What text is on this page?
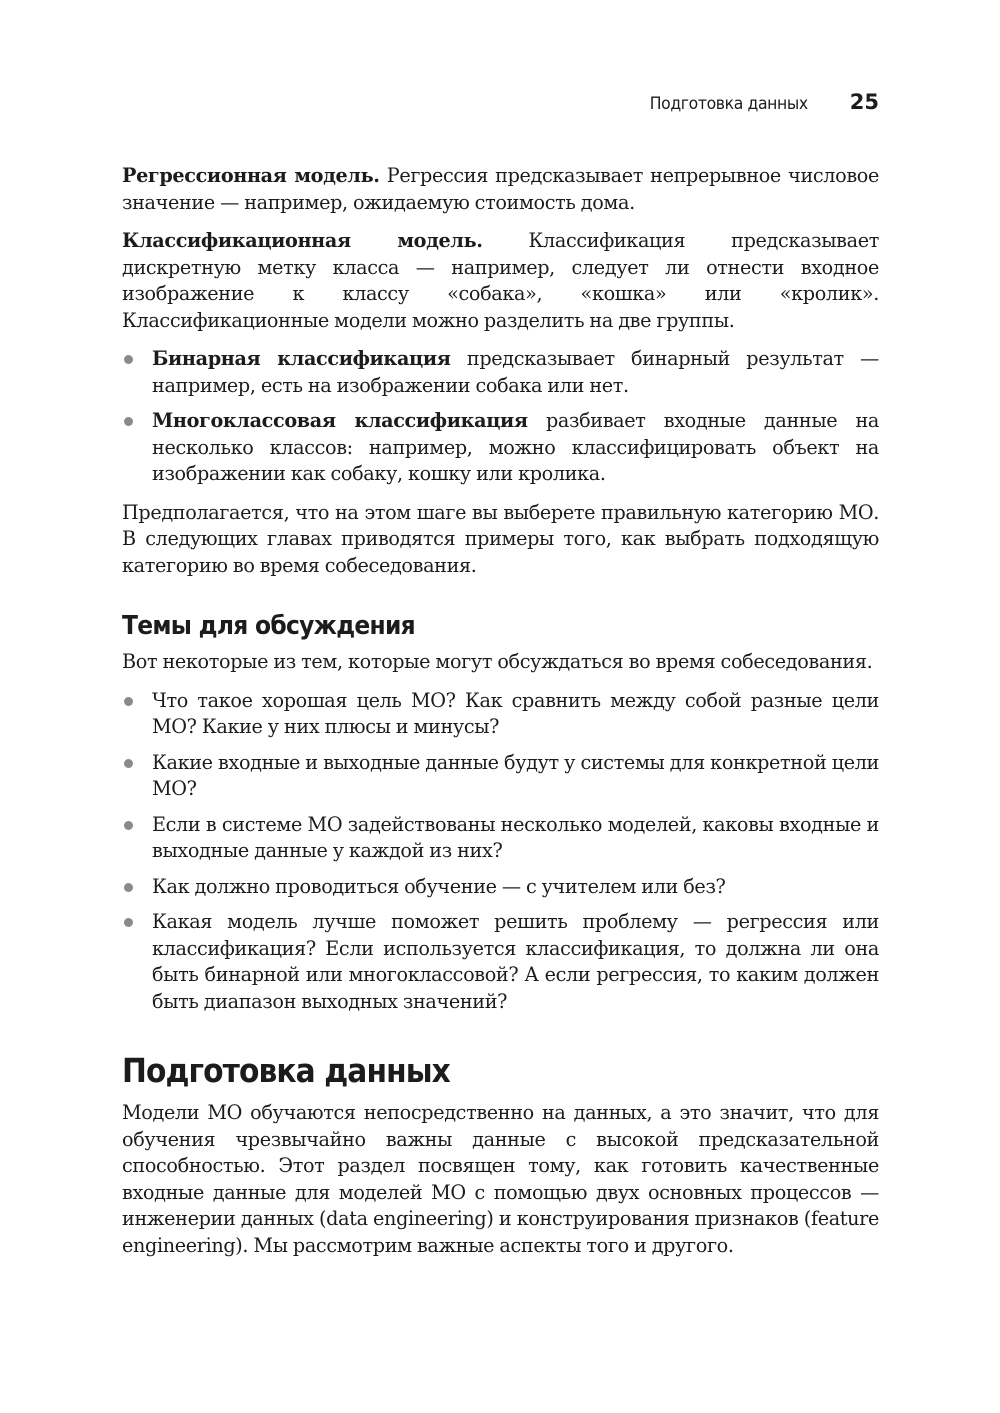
Подготовка данных 25

Регрессионная модель. Регрессия предсказывает непрерывное числовое значение — например, ожидаемую стоимость дома.

Классификационная модель. Классификация предсказывает дискретную метку класса — например, следует ли отнести входное изображение к классу «собака», «кошка» или «кролик». Классификационные модели можно разделить на две группы.

Бинарная классификация предсказывает бинарный результат — например, есть на изображении собака или нет.
Многоклассовая классификация разбивает входные данные на несколько классов: например, можно классифицировать объект на изображении как собаку, кошку или кролика.

Предполагается, что на этом шаге вы выберете правильную категорию МО. В следующих главах приводятся примеры того, как выбрать подходящую категорию во время собеседования.

Темы для обсуждения

Вот некоторые из тем, которые могут обсуждаться во время собеседования.

Что такое хорошая цель МО? Как сравнить между собой разные цели МО? Какие у них плюсы и минусы?
Какие входные и выходные данные будут у системы для конкретной цели МО?
Если в системе МО задействованы несколько моделей, каковы входные и выходные данные у каждой из них?
Как должно проводиться обучение — с учителем или без?
Какая модель лучше поможет решить проблему — регрессия или классификация? Если используется классификация, то должна ли она быть бинарной или многоклассовой? А если регрессия, то каким должен быть диапазон выходных значений?
Подготовка данных

Модели МО обучаются непосредственно на данных, а это значит, что для обучения чрезвычайно важны данные с высокой предсказательной способностью. Этот раздел посвящен тому, как готовить качественные входные данные для моделей МО с помощью двух основных процессов — инженерии данных (data engineering) и конструирования признаков (feature engineering). Мы рассмотрим важные аспекты того и другого.
